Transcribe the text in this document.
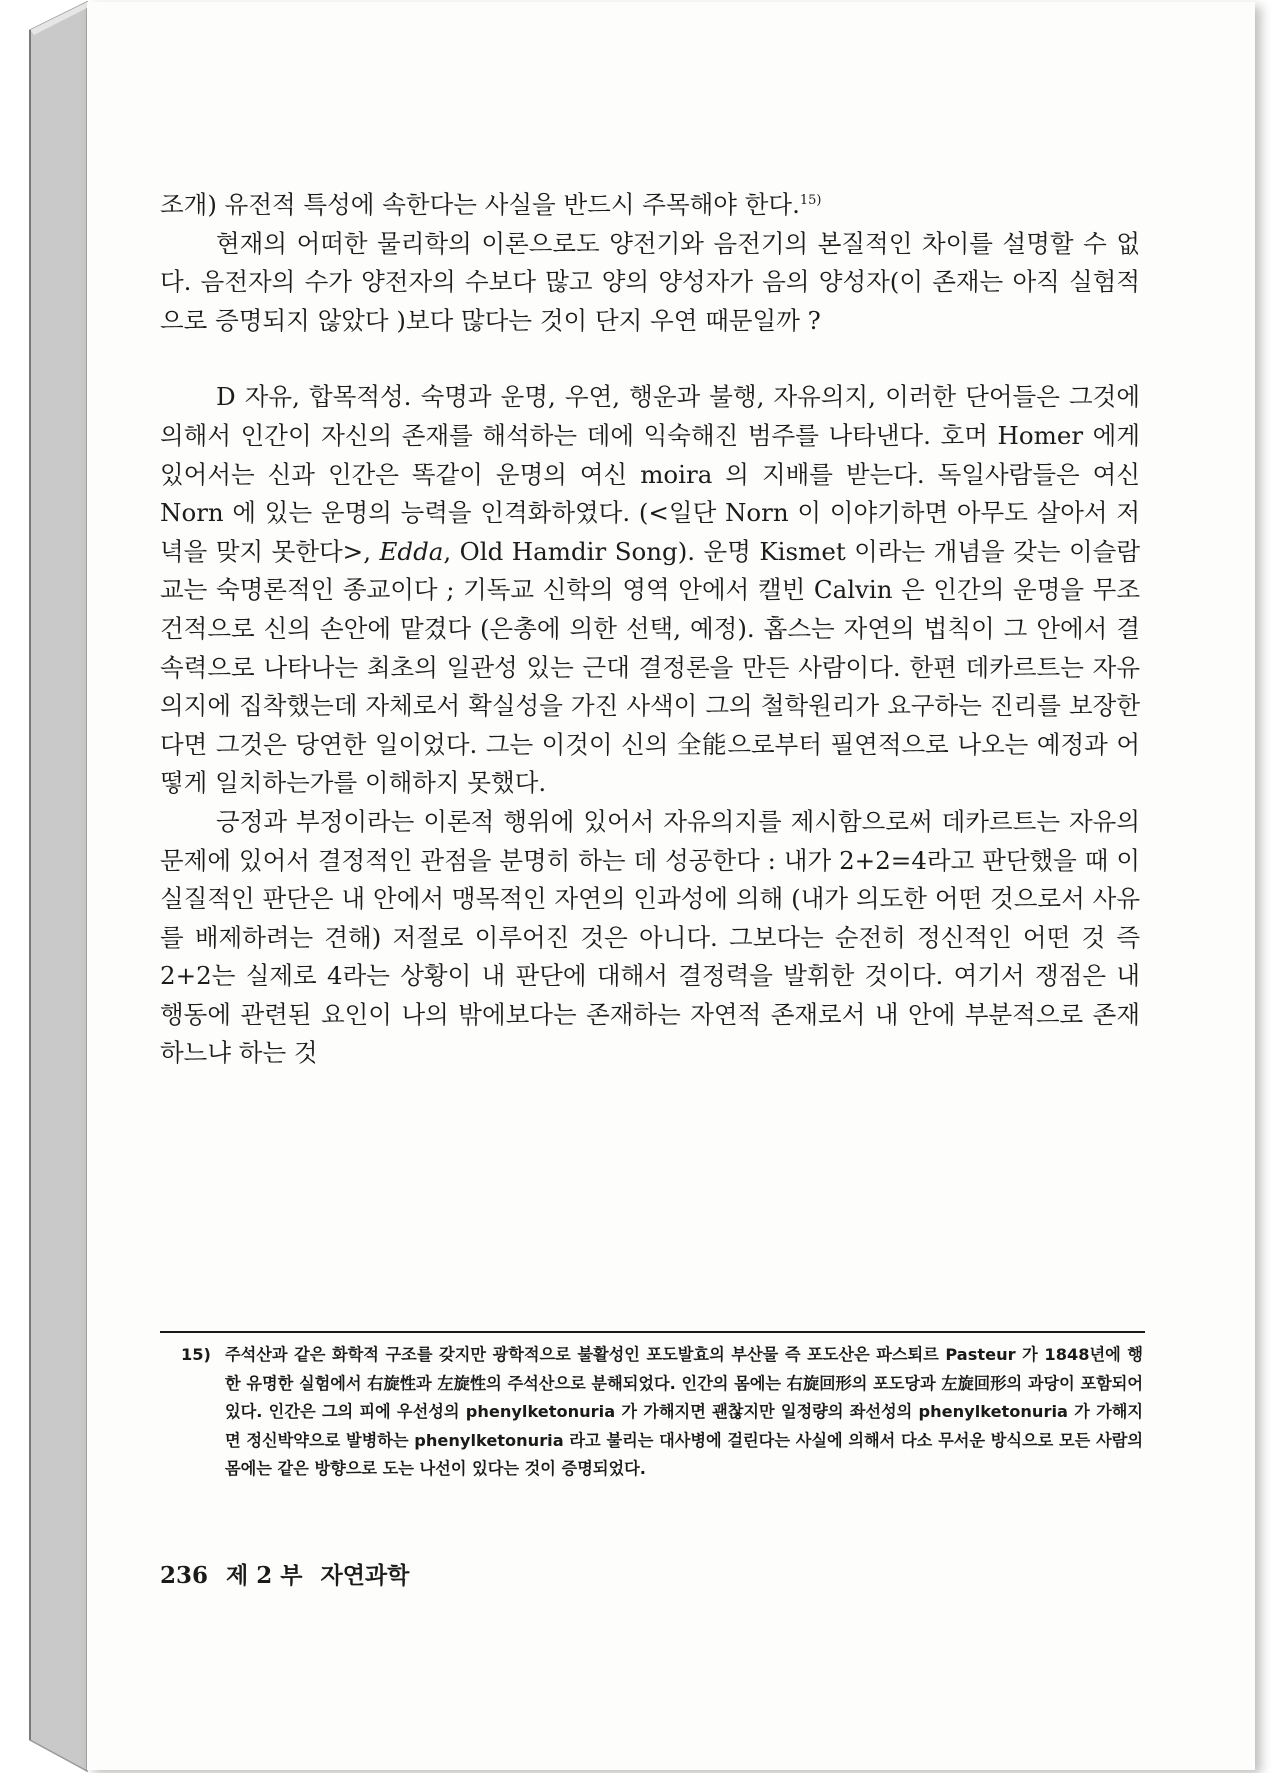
조개) 유전적 특성에 속한다는 사실을 반드시 주목해야 한다.$^{15)}$

현재의 어떠한 물리학의 이론으로도 양전기와 음전기의 본질적인 차이를 설명할 수 없다. 음전자의 수가 양전자의 수보다 많고 양의 양성자가 음의 양성자(이 존재는 아직 실험적으로 증명되지 않았다 )보다 많다는 것이 단지 우연 때문일까 ?

D 자유, 합목적성. 숙명과 운명, 우연, 행운과 불행, 자유의지, 이러한 단어들은 그것에 의해서 인간이 자신의 존재를 해석하는 데에 익숙해진 범주를 나타낸다. 호머 Homer 에게 있어서는 신과 인간은 똑같이 운명의 여신 moira 의 지배를 받는다. 독일사람들은 여신 Norn 에 있는 운명의 능력을 인격화하였다. (<일단 Norn 이 이야기하면 아무도 살아서 저녁을 맞지 못한다>, Edda, Old Hamdir Song). 운명 Kismet 이라는 개념을 갖는 이슬람교는 숙명론적인 종교이다 ; 기독교 신학의 영역 안에서 캘빈 Calvin 은 인간의 운명을 무조건적으로 신의 손안에 맡겼다 (은총에 의한 선택, 예정). 홉스는 자연의 법칙이 그 안에서 결속력으로 나타나는 최초의 일관성 있는 근대 결정론을 만든 사람이다. 한편 데카르트는 자유의지에 집착했는데 자체로서 확실성을 가진 사색이 그의 철학원리가 요구하는 진리를 보장한다면 그것은 당연한 일이었다. 그는 이것이 신의 全能으로부터 필연적으로 나오는 예정과 어떻게 일치하는가를 이해하지 못했다.

긍정과 부정이라는 이론적 행위에 있어서 자유의지를 제시함으로써 데카르트는 자유의 문제에 있어서 결정적인 관점을 분명히 하는 데 성공한다 : 내가 2+2=4라고 판단했을 때 이 실질적인 판단은 내 안에서 맹목적인 자연의 인과성에 의해 (내가 의도한 어떤 것으로서 사유를 배제하려는 견해) 저절로 이루어진 것은 아니다. 그보다는 순전히 정신적인 어떤 것 즉 2+2는 실제로 4라는 상황이 내 판단에 대해서 결정력을 발휘한 것이다. 여기서 쟁점은 내 행동에 관련된 요인이 나의 밖에보다는 존재하는 자연적 존재로서 내 안에 부분적으로 존재하느냐 하는 것

15) 주석산과 같은 화학적 구조를 갖지만 광학적으로 불활성인 포도발효의 부산물 즉 포도산은 파스퇴르 Pasteur 가 1848년에 행한 유명한 실험에서 右旋性과 左旋性의 주석산으로 분해되었다. 인간의 몸에는 右旋回形의 포도당과 左旋回形의 과당이 포함되어 있다. 인간은 그의 피에 우선성의 phenylketonuria 가 가해지면 괜찮지만 일정량의 좌선성의 phenylketonuria 가 가해지면 정신박약으로 발병하는 phenylketonuria 라고 불리는 대사병에 걸린다는 사실에 의해서 다소 무서운 방식으로 모든 사람의 몸에는 같은 방향으로 도는 나선이 있다는 것이 증명되었다.
236 제 2 부 자연과학
